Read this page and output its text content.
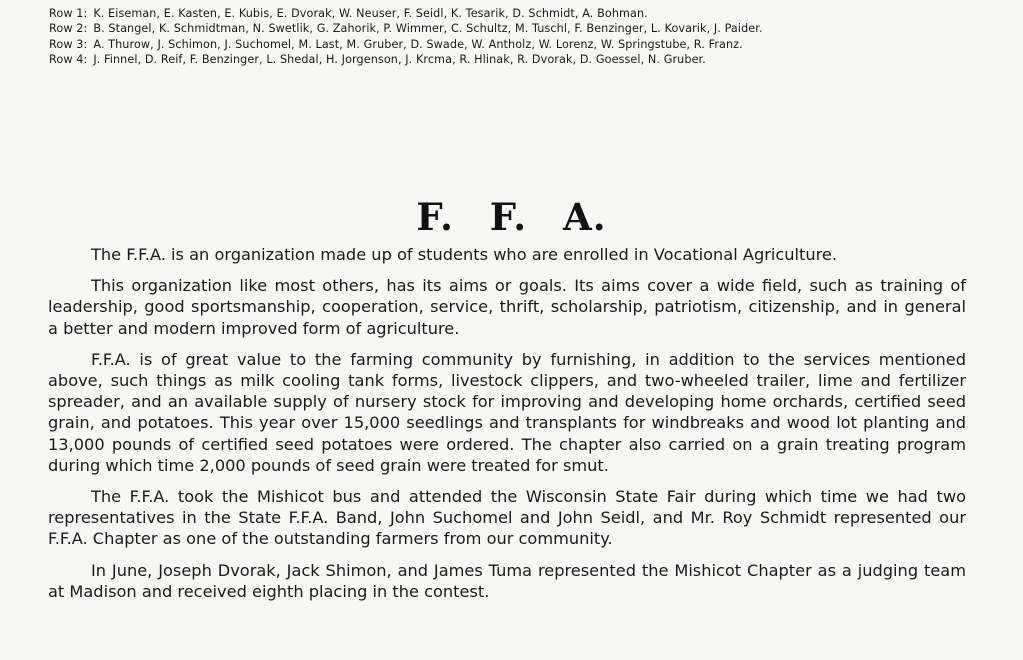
Row 1: K. Eiseman, E. Kasten, E. Kubis, E. Dvorak, W. Neuser, F. Seidl, K. Tesarik, D. Schmidt, A. Bohman.
Row 2: B. Stangel, K. Schmidtman, N. Swetlik, G. Zahorik, P. Wimmer, C. Schultz, M. Tuschl, F. Benzinger, L. Kovarik, J. Paider.
Row 3: A. Thurow, J. Schimon, J. Suchomel, M. Last, M. Gruber, D. Swade, W. Antholz, W. Lorenz, W. Springstube, R. Franz.
Row 4: J. Finnel, D. Reif, F. Benzinger, L. Shedal, H. Jorgenson, J. Krcma, R. Hlinak, R. Dvorak, D. Goessel, N. Gruber.
F. F. A.

The F.F.A. is an organization made up of students who are enrolled in Vocational Agriculture.

This organization like most others, has its aims or goals. Its aims cover a wide field, such as training of leadership, good sportsmanship, cooperation, service, thrift, scholarship, patriotism, citizenship, and in general a better and modern improved form of agriculture.

F.F.A. is of great value to the farming community by furnishing, in addition to the services mentioned above, such things as milk cooling tank forms, livestock clippers, and two-wheeled trailer, lime and fertilizer spreader, and an available supply of nursery stock for improving and developing home orchards, certified seed grain, and potatoes. This year over 15,000 seedlings and transplants for windbreaks and wood lot planting and 13,000 pounds of certified seed potatoes were ordered. The chapter also carried on a grain treating program during which time 2,000 pounds of seed grain were treated for smut.

The F.F.A. took the Mishicot bus and attended the Wisconsin State Fair during which time we had two representatives in the State F.F.A. Band, John Suchomel and John Seidl, and Mr. Roy Schmidt represented our F.F.A. Chapter as one of the outstanding farmers from our community.

In June, Joseph Dvorak, Jack Shimon, and James Tuma represented the Mishicot Chapter as a judging team at Madison and received eighth placing in the contest.
